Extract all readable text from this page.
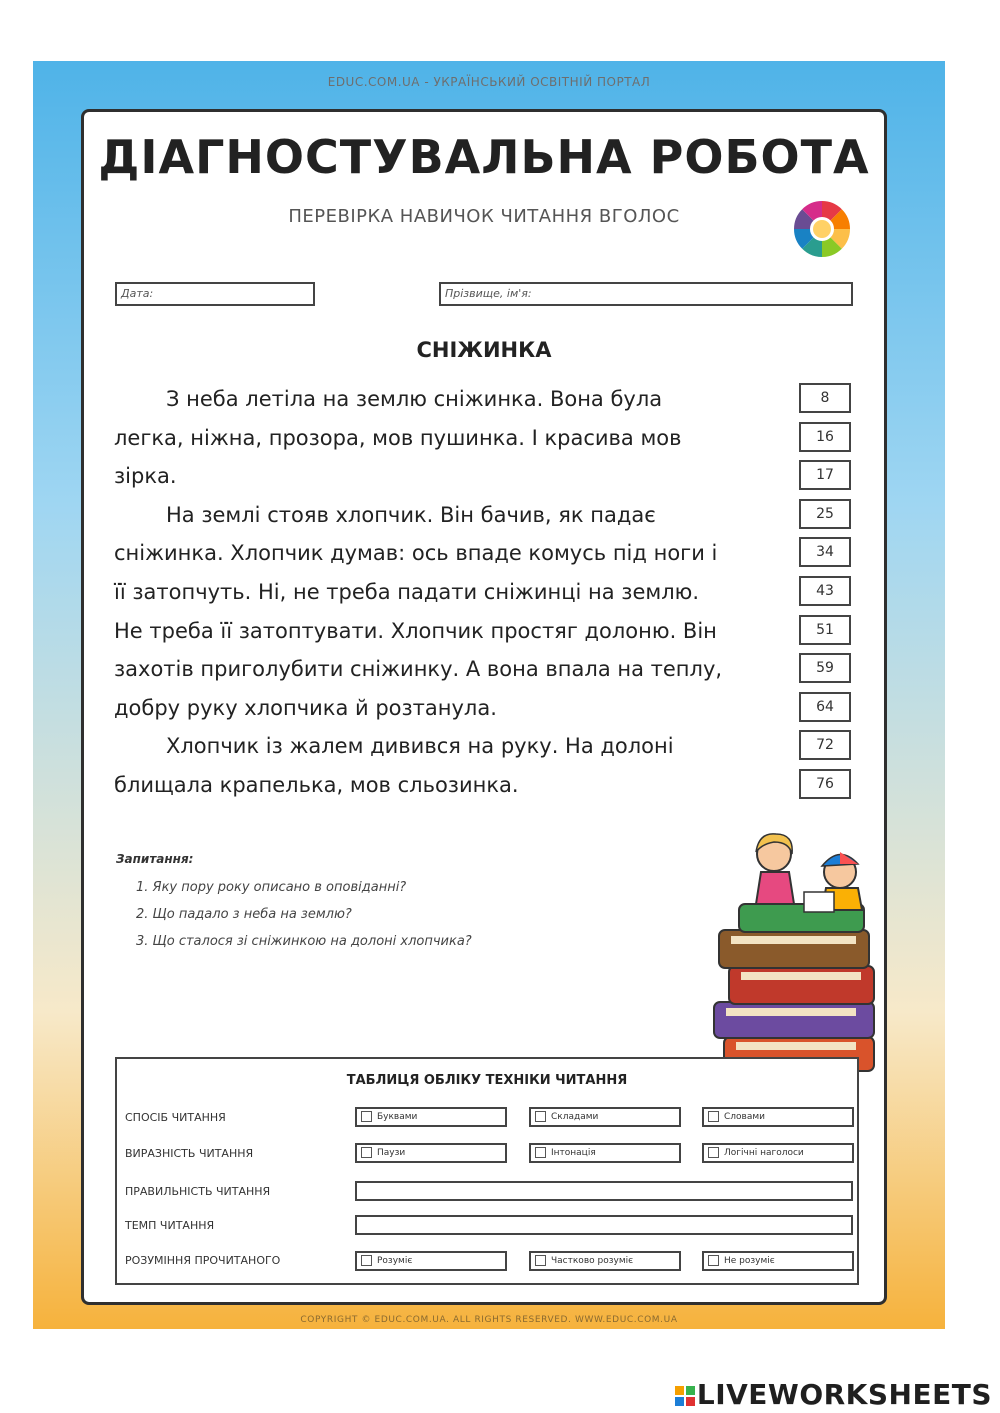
EDUC.COM.UA - УКРАЇНСЬКИЙ ОСВІТНІЙ ПОРТАЛ
ДІАГНОСТУВАЛЬНА РОБОТА
ПЕРЕВІРКА НАВИЧОК ЧИТАННЯ ВГОЛОС
Дата:	Прізвище, ім'я:
СНІЖИНКА

З неба летіла на землю сніжинка. Вона була

легка, ніжна, прозора, мов пушинка. І красива мов

зірка.

На землі стояв хлопчик. Він бачив, як падає

сніжинка. Хлопчик думав: ось впаде комусь під ноги і

її затопчуть. Ні, не треба падати сніжинці на землю.

Не треба її затоптувати. Хлопчик простяг долоню. Він

захотів приголубити сніжинку. А вона впала на теплу,

добру руку хлопчика й розтанула.

Хлопчик із жалем дивився на руку. На долоні

блищала крапелька, мов сльозинка.

8
16
17
25
34
43
51
59
64
72
76
Запитання:
1. Яку пору року описано в оповіданні?
2. Що падало з неба на землю?
3. Що сталося зі сніжинкою на долоні хлопчика?
ТАБЛИЦЯ ОБЛІКУ ТЕХНІКИ ЧИТАННЯ
СПОСІБ ЧИТАННЯ	Буквами	Складами	Словами
ВИРАЗНІСТЬ ЧИТАННЯ	Паузи	Інтонація	Логічні наголоси
ПРАВИЛЬНІСТЬ ЧИТАННЯ
ТЕМП ЧИТАННЯ
РОЗУМІННЯ ПРОЧИТАНОГО	Розуміє	Частково розуміє	Не розуміє
COPYRIGHT © EDUC.COM.UA. ALL RIGHTS RESERVED. WWW.EDUC.COM.UA
LIVEWORKSHEETS
